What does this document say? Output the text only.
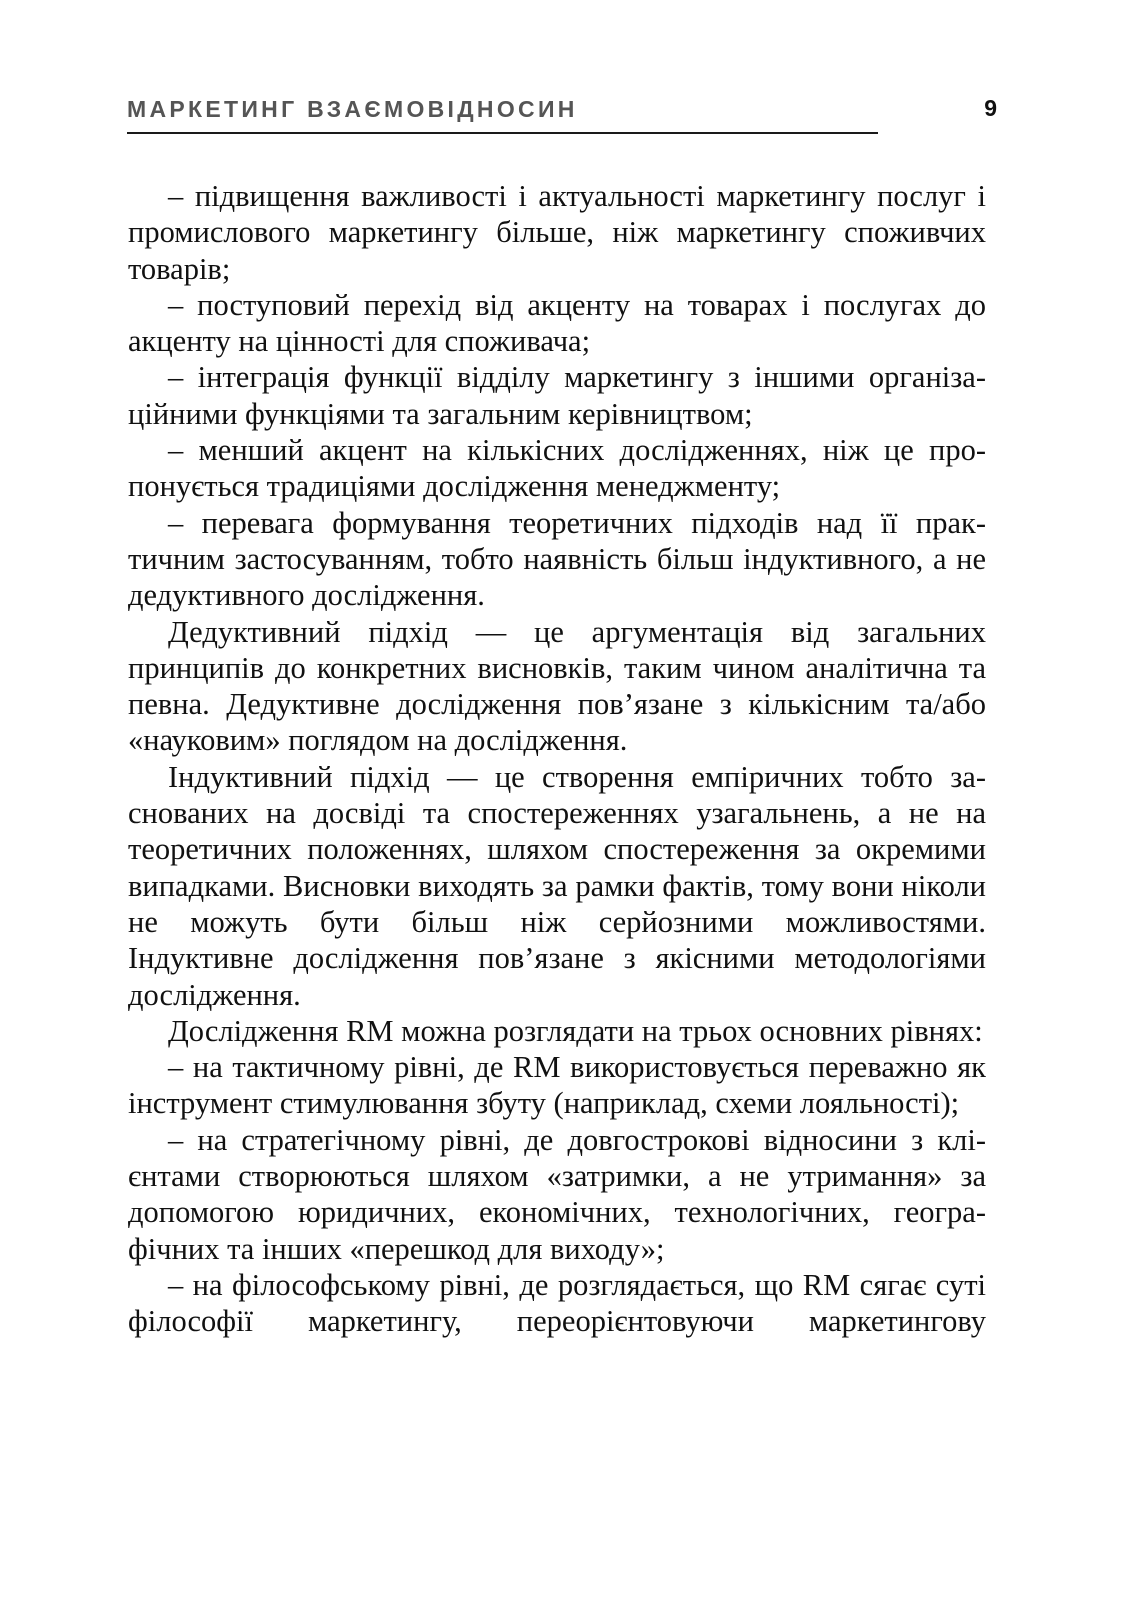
МАРКЕТИНГ ВЗАЄМОВІДНОСИН	9

– підвищення важливості і актуальності маркетингу послуг і промислового маркетингу більше, ніж маркетингу споживчих товарів;

– поступовий перехід від акценту на товарах і послугах до акценту на цінності для споживача;

– інтеграція функції відділу маркетингу з іншими організаційними функціями та загальним керівництвом;

– менший акцент на кількісних дослідженнях, ніж це пропонується традиціями дослідження менеджменту;

– перевага формування теоретичних підходів над її практичним застосуванням, тобто наявність більш індуктивного, а не дедуктивного дослідження.

Дедуктивний підхід — це аргументація від загальних принципів до конкретних висновків, таким чином аналітична та певна. Дедуктивне дослідження пов’язане з кількісним та/або «науковим» поглядом на дослідження.

Індуктивний підхід — це створення емпіричних тобто заснованих на досвіді та спостереженнях узагальнень, а не на теоретичних положеннях, шляхом спостереження за окремими випадками. Висновки виходять за рамки фактів, тому вони ніколи не можуть бути більш ніж серйозними можливостями. Індуктивне дослідження пов’язане з якісними методологіями дослідження.

Дослідження RM можна розглядати на трьох основних рівнях:

– на тактичному рівні, де RM використовується переважно як інструмент стимулювання збуту (наприклад, схеми лояльності);

– на стратегічному рівні, де довгострокові відносини з клієнтами створюються шляхом «затримки, а не утримання» за допомогою юридичних, економічних, технологічних, географічних та інших «перешкод для виходу»;

– на філософському рівні, де розглядається, що RM сягає суті філософії маркетингу, переорієнтовуючи маркетингову
